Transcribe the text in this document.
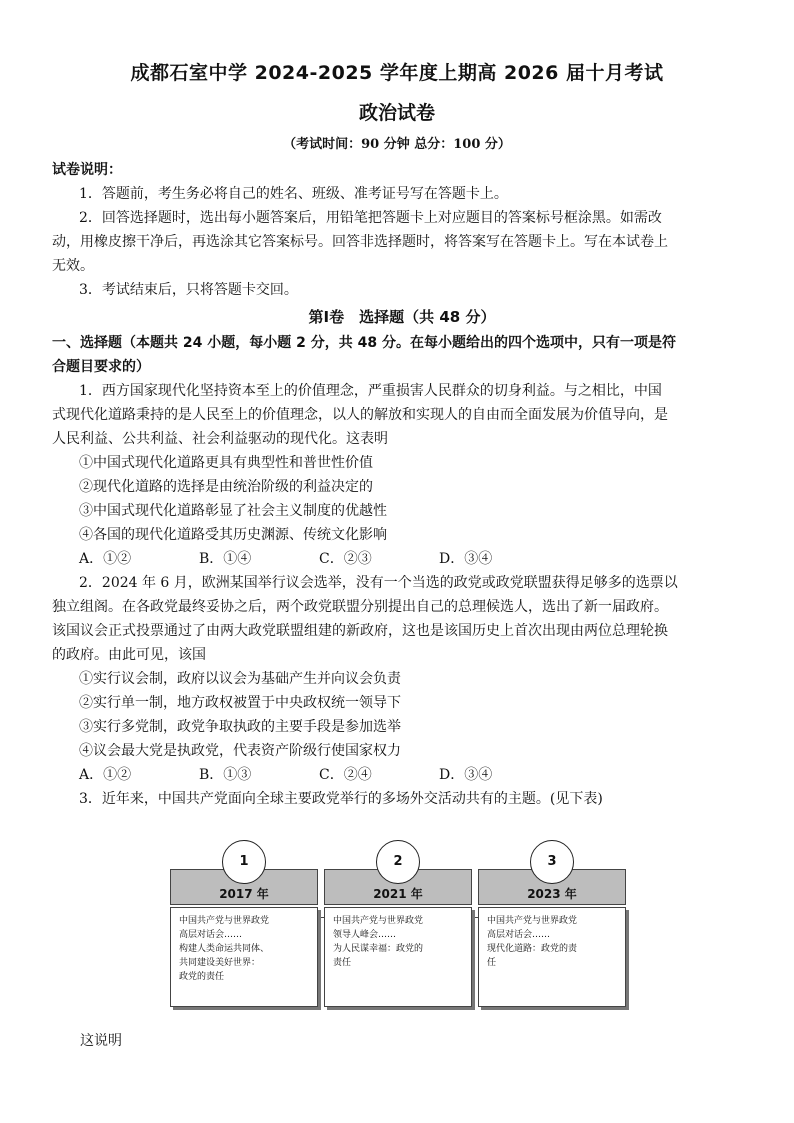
成都石室中学 2024-2025 学年度上期高 2026 届十月考试
政治试卷
（考试时间：90 分钟 总分：100 分）
试卷说明：
1．答题前，考生务必将自己的姓名、班级、准考证号写在答题卡上。
2．回答选择题时，选出每小题答案后，用铅笔把答题卡上对应题目的答案标号框涂黑。如需改
动，用橡皮擦干净后，再选涂其它答案标号。回答非选择题时，将答案写在答题卡上。写在本试卷上
无效。
3．考试结束后，只将答题卡交回。
第Ⅰ卷　选择题（共 48 分）
一、选择题（本题共 24 小题，每小题 2 分，共 48 分。在每小题给出的四个选项中，只有一项是符
合题目要求的）
1．西方国家现代化坚持资本至上的价值理念，严重损害人民群众的切身利益。与之相比，中国
式现代化道路秉持的是人民至上的价值理念，以人的解放和实现人的自由而全面发展为价值导向，是
人民利益、公共利益、社会利益驱动的现代化。这表明
①中国式现代化道路更具有典型性和普世性价值
②现代化道路的选择是由统治阶级的利益决定的
③中国式现代化道路彰显了社会主义制度的优越性
④各国的现代化道路受其历史渊源、传统文化影响
A．①②	B．①④	C．②③	D．③④
2．2024 年 6 月，欧洲某国举行议会选举，没有一个当选的政党或政党联盟获得足够多的选票以
独立组阁。在各政党最终妥协之后，两个政党联盟分别提出自己的总理候选人，选出了新一届政府。
该国议会正式投票通过了由两大政党联盟组建的新政府，这也是该国历史上首次出现由两位总理轮换
的政府。由此可见，该国
①实行议会制，政府以议会为基础产生并向议会负责
②实行单一制，地方政权被置于中央政权统一领导下
③实行多党制，政党争取执政的主要手段是参加选举
④议会最大党是执政党，代表资产阶级行使国家权力
A．①②	B．①③	C．②④	D．③④
3．近年来，中国共产党面向全球主要政党举行的多场外交活动共有的主题。(见下表)
2017 年
1
中国共产党与世界政党
高层对话会……
构建人类命运共同体、
共同建设美好世界：
政党的责任
2021 年
2
中国共产党与世界政党
领导人峰会……
为人民谋幸福：政党的
责任
2023 年
3
中国共产党与世界政党
高层对话会……
现代化道路：政党的责
任
这说明
